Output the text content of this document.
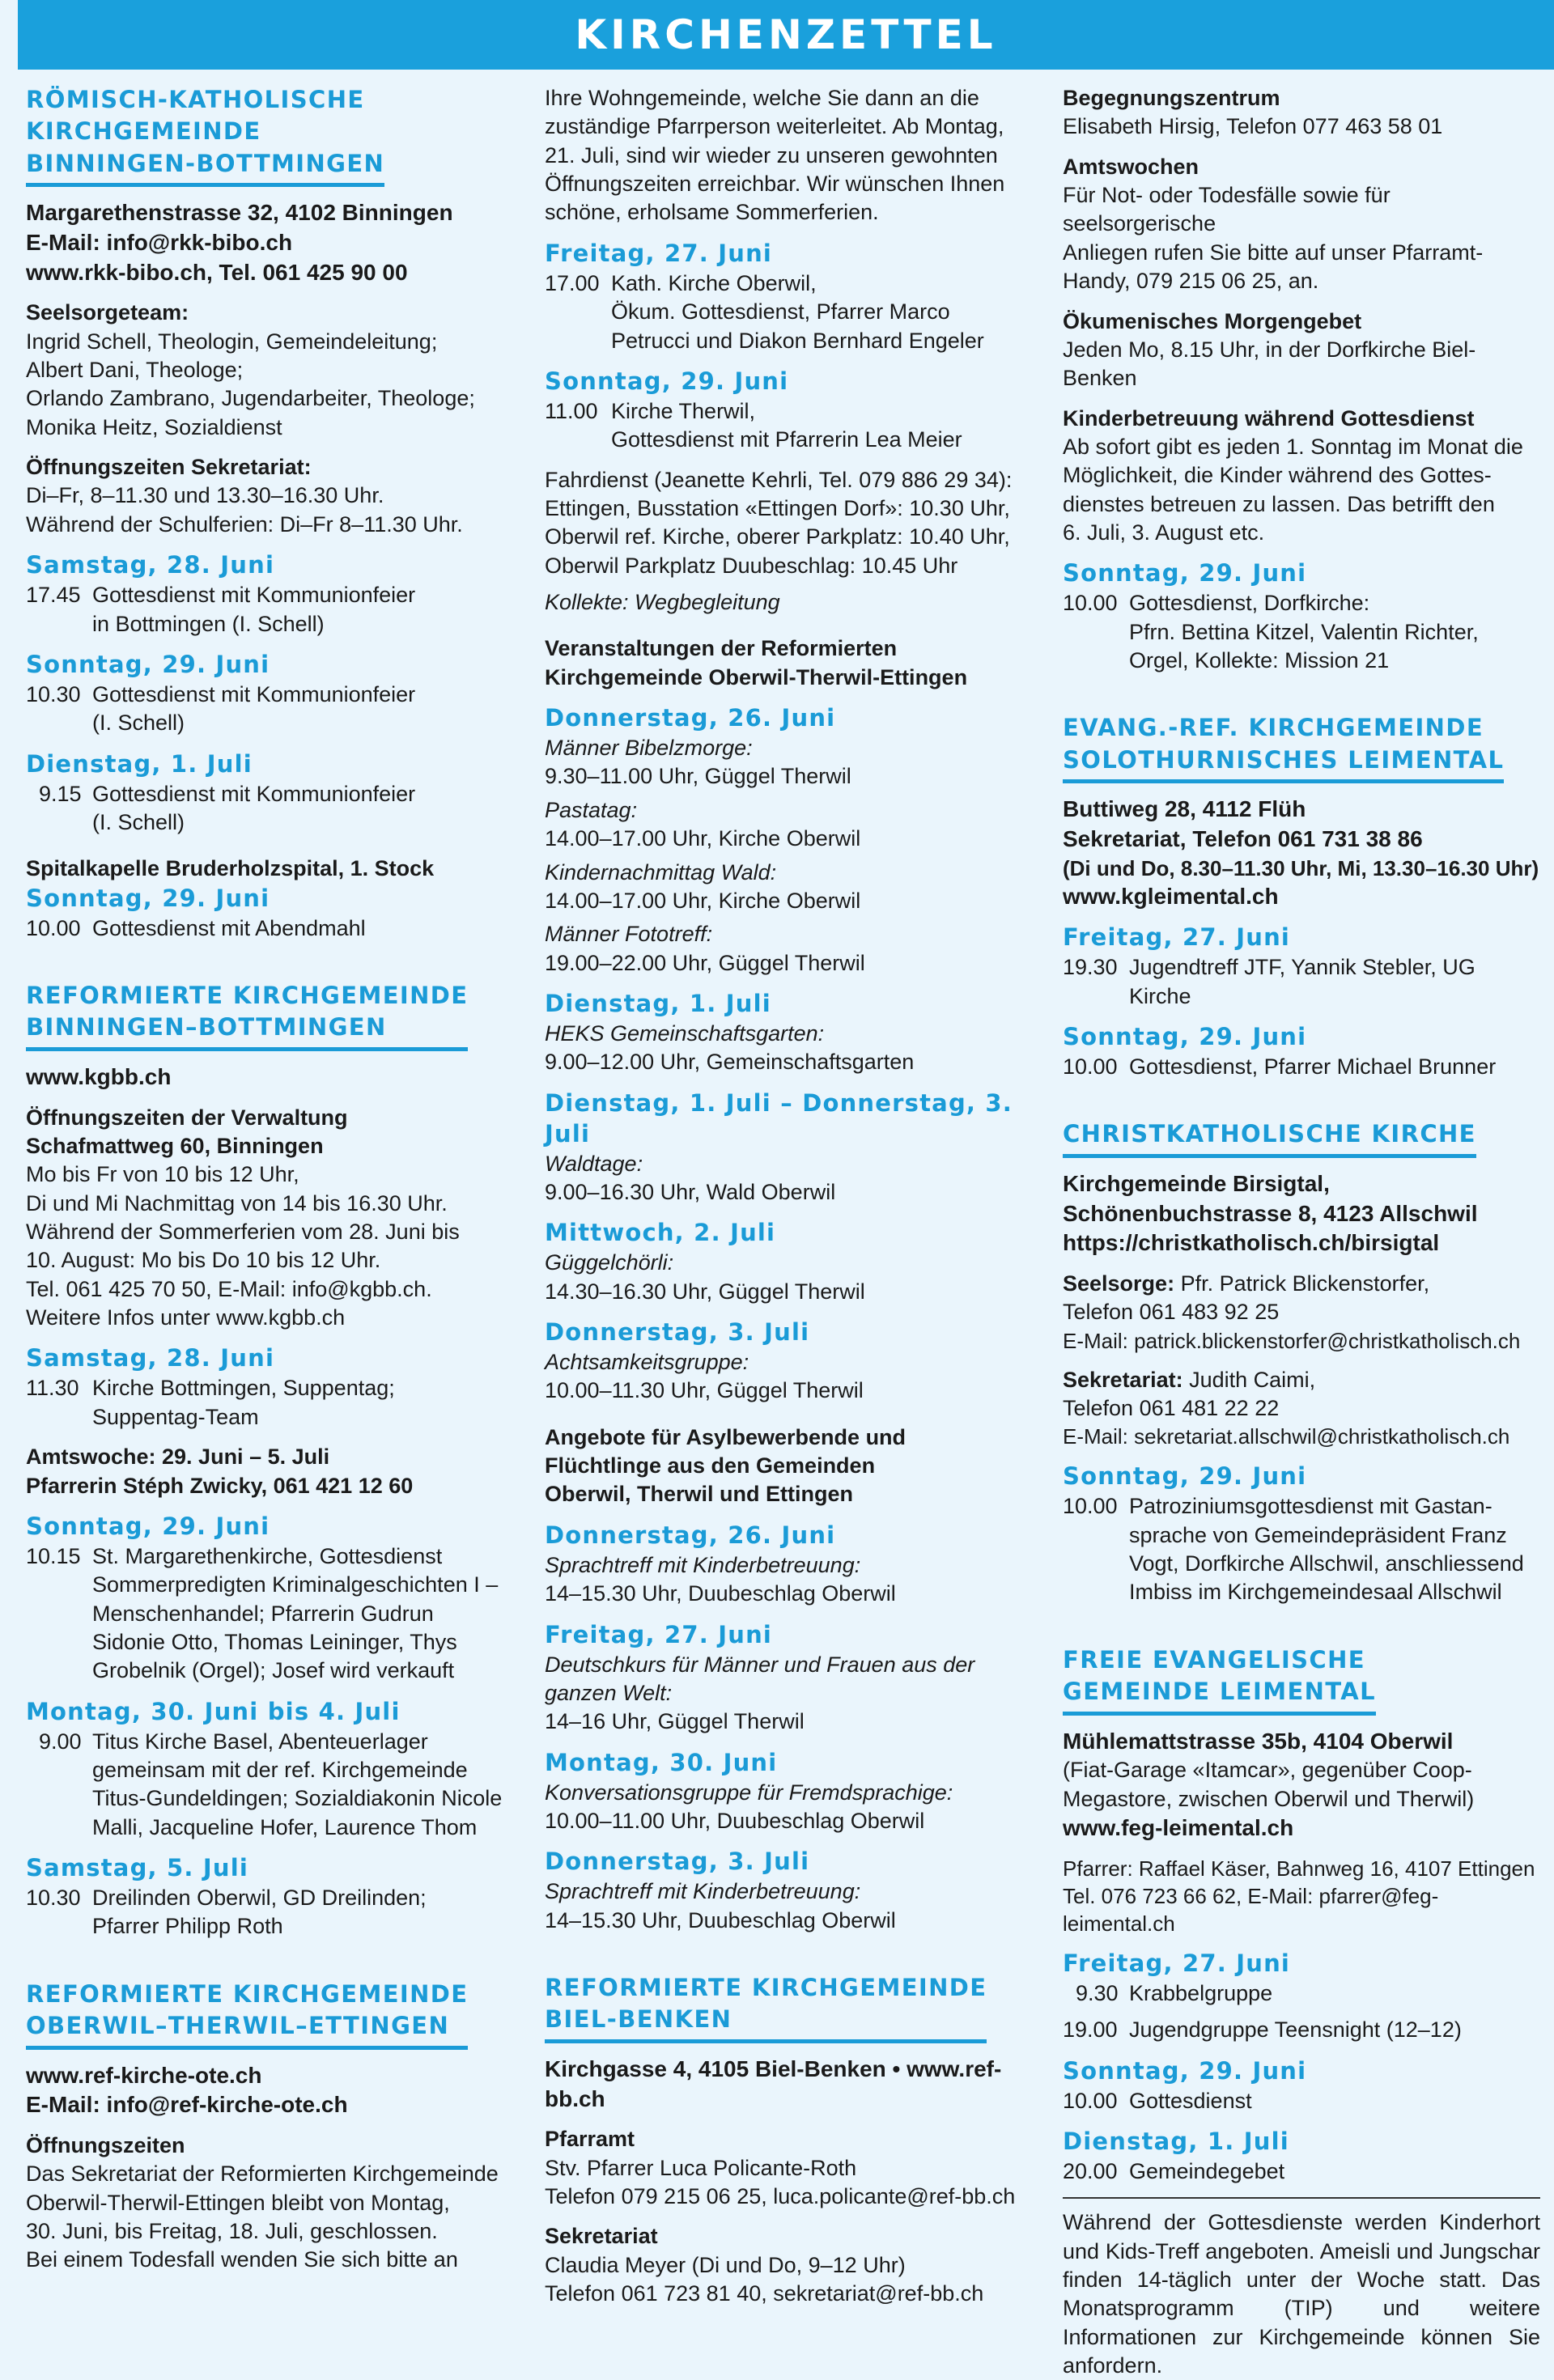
KIRCHENZETTEL
RÖMISCH-KATHOLISCHE
KIRCHGEMEINDE
BINNINGEN-BOTTMINGEN

Margarethenstrasse 32, 4102 Binningen

E-Mail: info@rkk-bibo.ch

www.rkk-bibo.ch, Tel. 061 425 90 00

Seelsorgeteam:

Ingrid Schell, Theologin, Gemeindeleitung;

Albert Dani, Theologe;

Orlando Zambrano, Jugendarbeiter, Theologe;

Monika Heitz, Sozialdienst

Öffnungszeiten Sekretariat:

Di–Fr, 8–11.30 und 13.30–16.30 Uhr.

Während der Schulferien: Di–Fr 8–11.30 Uhr.

Samstag, 28. Juni

17.45 Gottesdienst mit Kommunionfeier
in Bottmingen (I. Schell)

Sonntag, 29. Juni

10.30 Gottesdienst mit Kommunionfeier
(I. Schell)

Dienstag, 1. Juli

9.15 Gottesdienst mit Kommunionfeier
(I. Schell)

Spitalkapelle Bruderholzspital, 1. Stock

Sonntag, 29. Juni

10.00 Gottesdienst mit Abendmahl
REFORMIERTE KIRCHGEMEINDE
BINNINGEN–BOTTMINGEN

www.kgbb.ch

Öffnungszeiten der Verwaltung

Schafmattweg 60, Binningen

Mo bis Fr von 10 bis 12 Uhr,

Di und Mi Nachmittag von 14 bis 16.30 Uhr.

Während der Sommerferien vom 28. Juni bis

10. August: Mo bis Do 10 bis 12 Uhr.

Tel. 061 425 70 50, E-Mail: info@kgbb.ch.

Weitere Infos unter www.kgbb.ch

Samstag, 28. Juni

11.30 Kirche Bottmingen, Suppentag;
Suppentag-Team

Amtswoche: 29. Juni – 5. Juli

Pfarrerin Stéph Zwicky, 061 421 12 60

Sonntag, 29. Juni

10.15 St. Margarethenkirche, Gottesdienst
Sommerpredigten Kriminalgeschichten I –
Menschenhandel; Pfarrerin Gudrun
Sidonie Otto, Thomas Leininger, Thys
Grobelnik (Orgel); Josef wird verkauft

Montag, 30. Juni bis 4. Juli

9.00 Titus Kirche Basel, Abenteuerlager
gemeinsam mit der ref. Kirchgemeinde
Titus-Gundeldingen; Sozialdiakonin Nicole
Malli, Jacqueline Hofer, Laurence Thom

Samstag, 5. Juli

10.30 Dreilinden Oberwil, GD Dreilinden;
Pfarrer Philipp Roth
REFORMIERTE KIRCHGEMEINDE
OBERWIL–THERWIL–ETTINGEN

www.ref-kirche-ote.ch

E-Mail: info@ref-kirche-ote.ch

Öffnungszeiten

Das Sekretariat der Reformierten Kirchgemeinde

Oberwil-Therwil-Ettingen bleibt von Montag,

30. Juni, bis Freitag, 18. Juli, geschlossen.

Bei einem Todesfall wenden Sie sich bitte an

Ihre Wohngemeinde, welche Sie dann an die

zuständige Pfarrperson weiterleitet. Ab Montag,

21. Juli, sind wir wieder zu unseren gewohnten

Öffnungszeiten erreichbar. Wir wünschen Ihnen

schöne, erholsame Sommerferien.

Freitag, 27. Juni

17.00 Kath. Kirche Oberwil,
Ökum. Gottesdienst, Pfarrer Marco
Petrucci und Diakon Bernhard Engeler

Sonntag, 29. Juni

11.00 Kirche Therwil,
Gottesdienst mit Pfarrerin Lea Meier

Fahrdienst (Jeanette Kehrli, Tel. 079 886 29 34):

Ettingen, Busstation «Ettingen Dorf»: 10.30 Uhr,

Oberwil ref. Kirche, oberer Parkplatz: 10.40 Uhr,

Oberwil Parkplatz Duubeschlag: 10.45 Uhr

Kollekte: Wegbegleitung

Veranstaltungen der Reformierten

Kirchgemeinde Oberwil-Therwil-Ettingen

Donnerstag, 26. Juni

Männer Bibelzmorge:

9.30–11.00 Uhr, Güggel Therwil

Pastatag:

14.00–17.00 Uhr, Kirche Oberwil

Kindernachmittag Wald:

14.00–17.00 Uhr, Kirche Oberwil

Männer Fototreff:

19.00–22.00 Uhr, Güggel Therwil

Dienstag, 1. Juli

HEKS Gemeinschaftsgarten:

9.00–12.00 Uhr, Gemeinschaftsgarten

Dienstag, 1. Juli – Donnerstag, 3. Juli

Waldtage:

9.00–16.30 Uhr, Wald Oberwil

Mittwoch, 2. Juli

Güggelchörli:

14.30–16.30 Uhr, Güggel Therwil

Donnerstag, 3. Juli

Achtsamkeitsgruppe:

10.00–11.30 Uhr, Güggel Therwil

Angebote für Asylbewerbende und

Flüchtlinge aus den Gemeinden

Oberwil, Therwil und Ettingen

Donnerstag, 26. Juni

Sprachtreff mit Kinderbetreuung:

14–15.30 Uhr, Duubeschlag Oberwil

Freitag, 27. Juni

Deutschkurs für Männer und Frauen aus der

ganzen Welt:

14–16 Uhr, Güggel Therwil

Montag, 30. Juni

Konversationsgruppe für Fremdsprachige:

10.00–11.00 Uhr, Duubeschlag Oberwil

Donnerstag, 3. Juli

Sprachtreff mit Kinderbetreuung:

14–15.30 Uhr, Duubeschlag Oberwil

REFORMIERTE KIRCHGEMEINDE
BIEL-BENKEN

Kirchgasse 4, 4105 Biel-Benken • www.ref-bb.ch

Pfarramt

Stv. Pfarrer Luca Policante-Roth

Telefon 079 215 06 25, luca.policante@ref-bb.ch

Sekretariat

Claudia Meyer (Di und Do, 9–12 Uhr)

Telefon 061 723 81 40, sekretariat@ref-bb.ch

Begegnungszentrum

Elisabeth Hirsig, Telefon 077 463 58 01

Amtswochen

Für Not- oder Todesfälle sowie für seelsorgerische

Anliegen rufen Sie bitte auf unser Pfarramt-

Handy, 079 215 06 25, an.

Ökumenisches Morgengebet

Jeden Mo, 8.15 Uhr, in der Dorfkirche Biel-Benken

Kinderbetreuung während Gottesdienst

Ab sofort gibt es jeden 1. Sonntag im Monat die

Möglichkeit, die Kinder während des Gottes-

dienstes betreuen zu lassen. Das betrifft den

6. Juli, 3. August etc.

Sonntag, 29. Juni

10.00 Gottesdienst, Dorfkirche:
Pfrn. Bettina Kitzel, Valentin Richter,
Orgel, Kollekte: Mission 21
EVANG.-REF. KIRCHGEMEINDE
SOLOTHURNISCHES LEIMENTAL

Buttiweg 28, 4112 Flüh

Sekretariat, Telefon 061 731 38 86

(Di und Do, 8.30–11.30 Uhr, Mi, 13.30–16.30 Uhr)

www.kgleimental.ch

Freitag, 27. Juni

19.30 Jugendtreff JTF, Yannik Stebler, UG Kirche

Sonntag, 29. Juni

10.00 Gottesdienst, Pfarrer Michael Brunner
CHRISTKATHOLISCHE KIRCHE

Kirchgemeinde Birsigtal,

Schönenbuchstrasse 8, 4123 Allschwil

https://christkatholisch.ch/birsigtal

Seelsorge: Pfr. Patrick Blickenstorfer,

Telefon 061 483 92 25

E-Mail: patrick.blickenstorfer@christkatholisch.ch

Sekretariat: Judith Caimi,

Telefon 061 481 22 22

E-Mail: sekretariat.allschwil@christkatholisch.ch

Sonntag, 29. Juni

10.00 Patroziniumsgottesdienst mit Gastan-
sprache von Gemeindepräsident Franz
Vogt, Dorfkirche Allschwil, anschliessend
Imbiss im Kirchgemeindesaal Allschwil
FREIE EVANGELISCHE
GEMEINDE LEIMENTAL

Mühlemattstrasse 35b, 4104 Oberwil

(Fiat-Garage «Itamcar», gegenüber Coop-

Megastore, zwischen Oberwil und Therwil)

www.feg-leimental.ch

Pfarrer: Raffael Käser, Bahnweg 16, 4107 Ettingen

Tel. 076 723 66 62, E-Mail: pfarrer@feg-leimental.ch

Freitag, 27. Juni

9.30 Krabbelgruppe
19.00 Jugendgruppe Teensnight (12–12)

Sonntag, 29. Juni

10.00 Gottesdienst

Dienstag, 1. Juli

20.00 Gemeindegebet

Während der Gottesdienste werden Kinderhort und Kids-Treff angeboten. Ameisli und Jungschar finden 14-täglich unter der Woche statt. Das Monatsprogramm (TIP) und weitere Informationen zur Kirchgemeinde können Sie anfordern.
